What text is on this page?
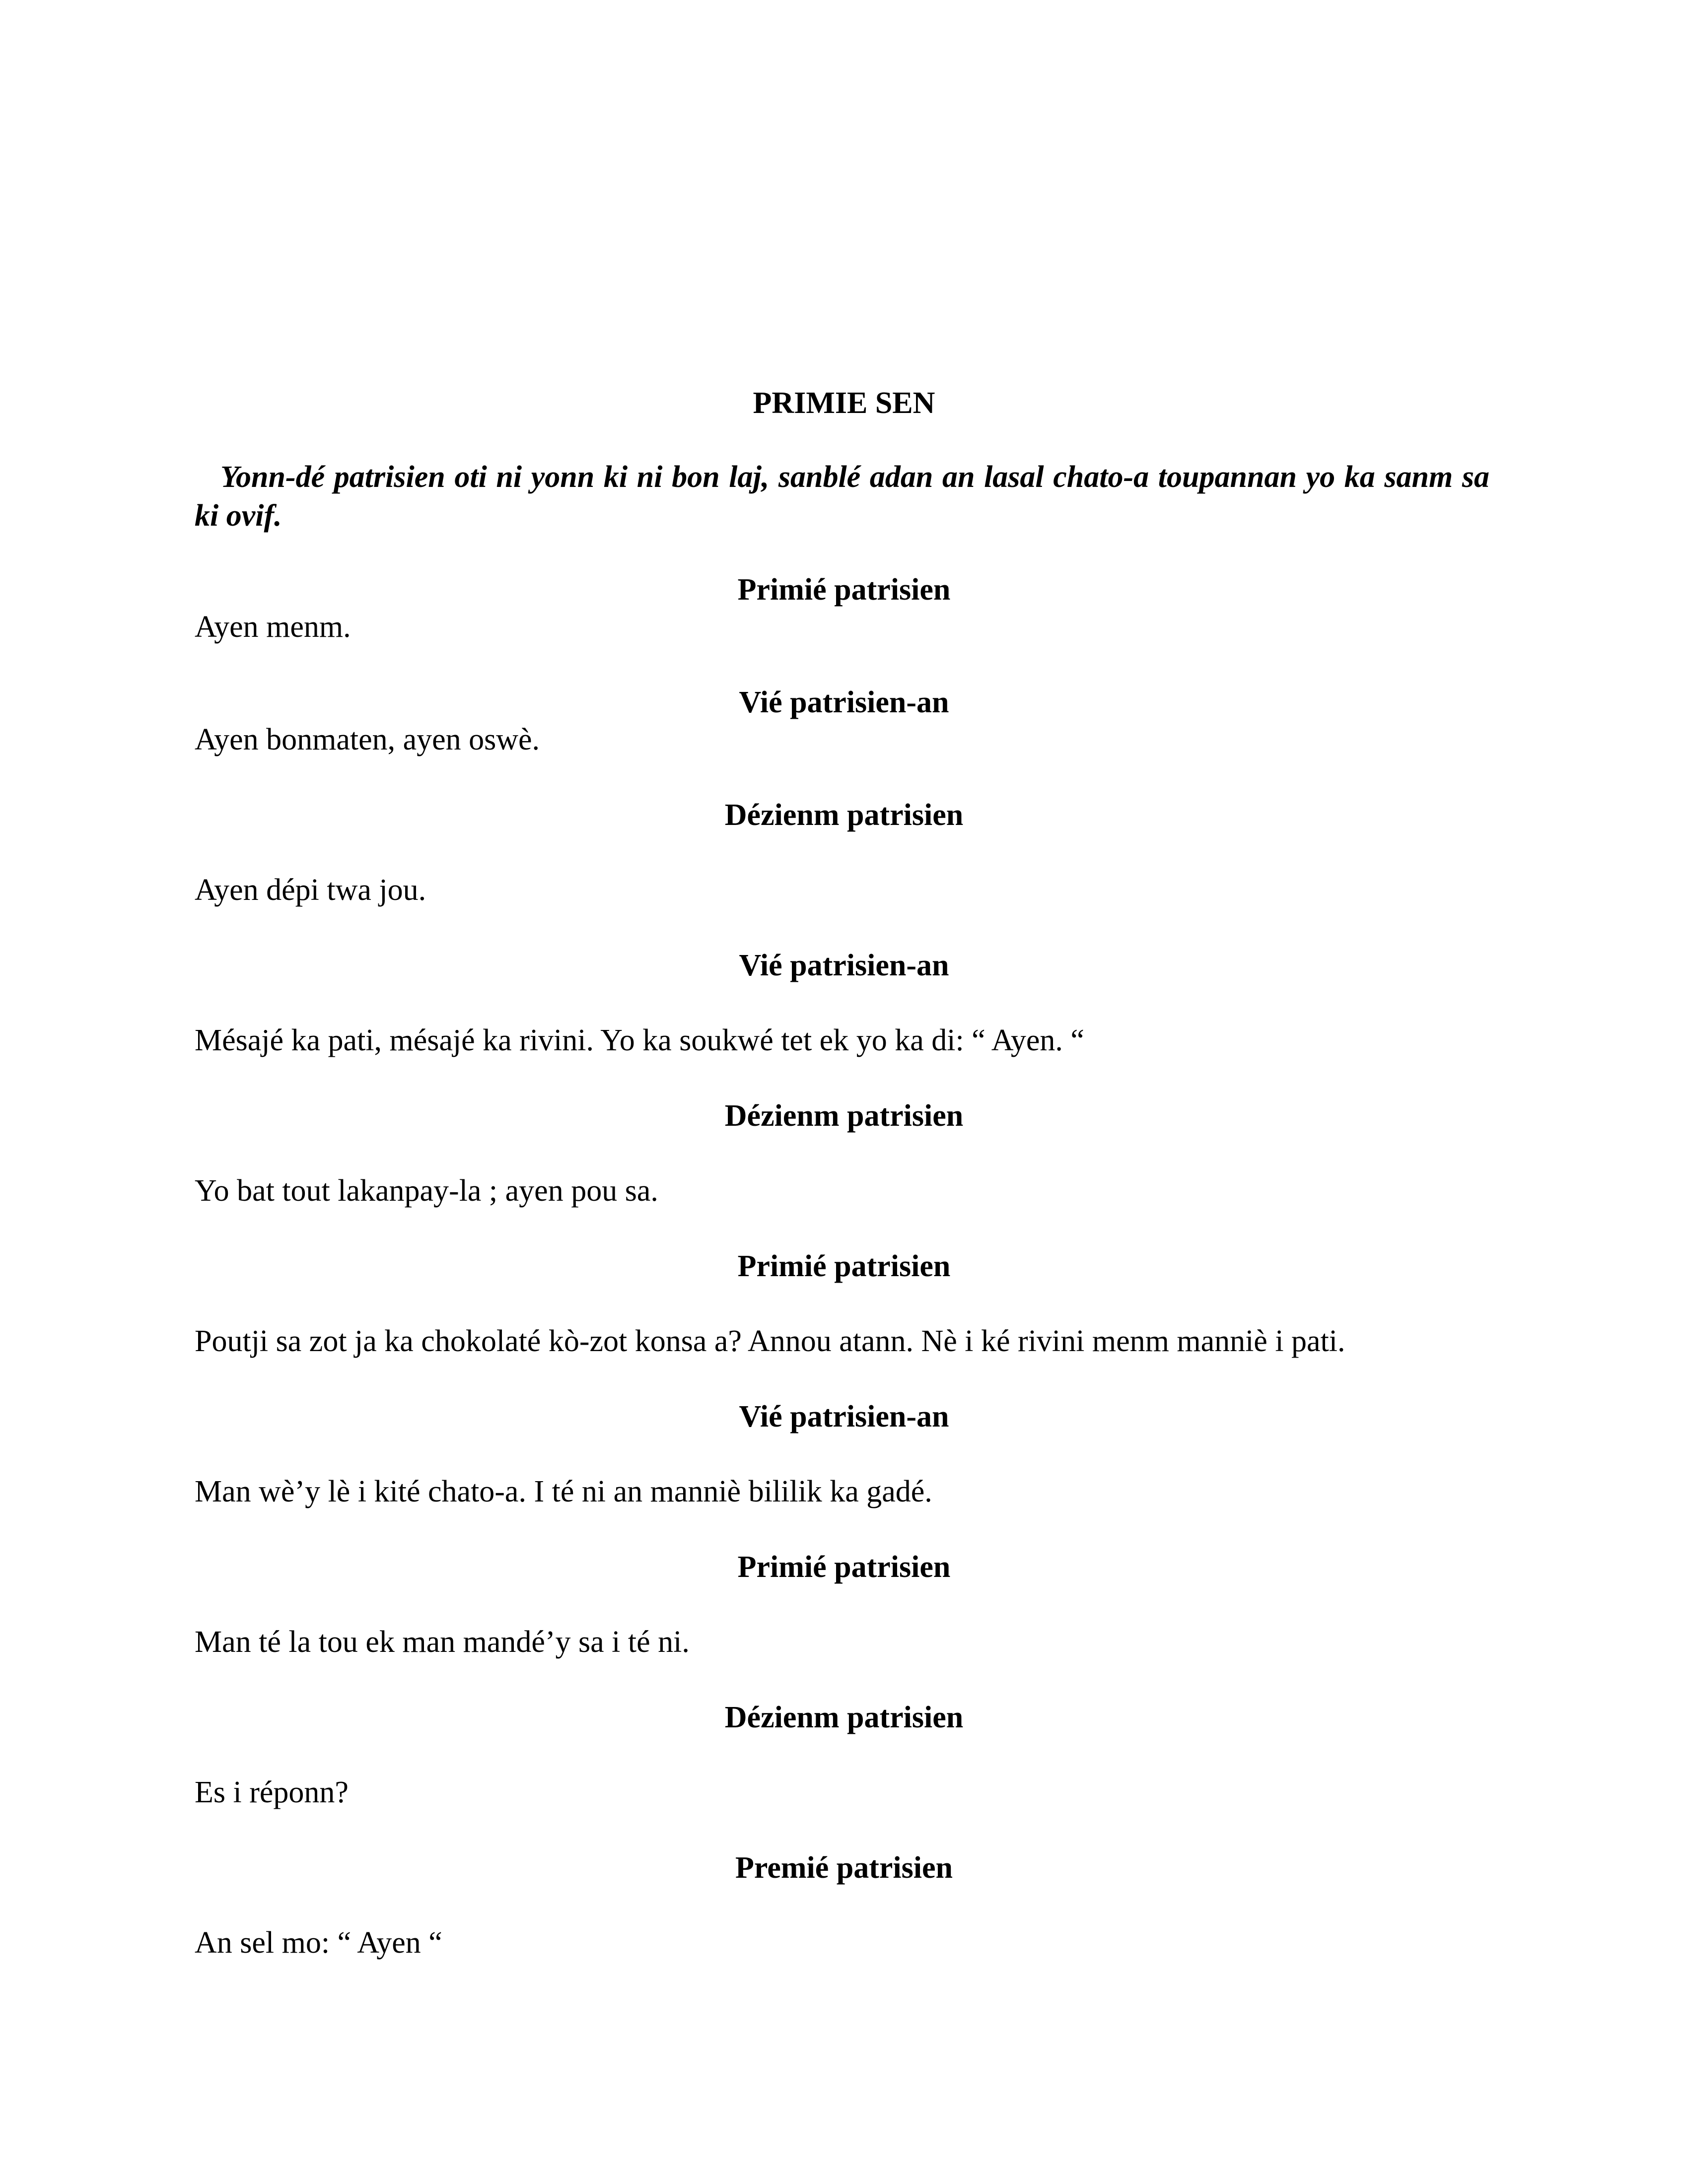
PRIMIE SEN

Yonn-dé patrisien oti ni yonn ki ni bon laj, sanblé adan an lasal chato-a toupannan yo ka sanm sa ki ovif.

Primié patrisien

Ayen menm.

Vié patrisien-an

Ayen bonmaten, ayen oswè.

Dézienm patrisien

Ayen dépi twa jou.

Vié patrisien-an

Mésajé ka pati, mésajé ka rivini. Yo ka soukwé tet ek yo ka di: “ Ayen. “

Dézienm patrisien

Yo bat tout lakanpay-la ; ayen pou sa.

Primié patrisien

Poutji sa zot ja ka chokolaté kò-zot konsa a? Annou atann. Nè i ké rivini menm manniè i pati.

Vié patrisien-an

Man wè’y lè i kité chato-a. I té ni an manniè bililik ka gadé.

Primié patrisien

Man té la tou ek man mandé’y sa i té ni.

Dézienm patrisien

Es i réponn?

Premié patrisien

An sel mo: “ Ayen “
